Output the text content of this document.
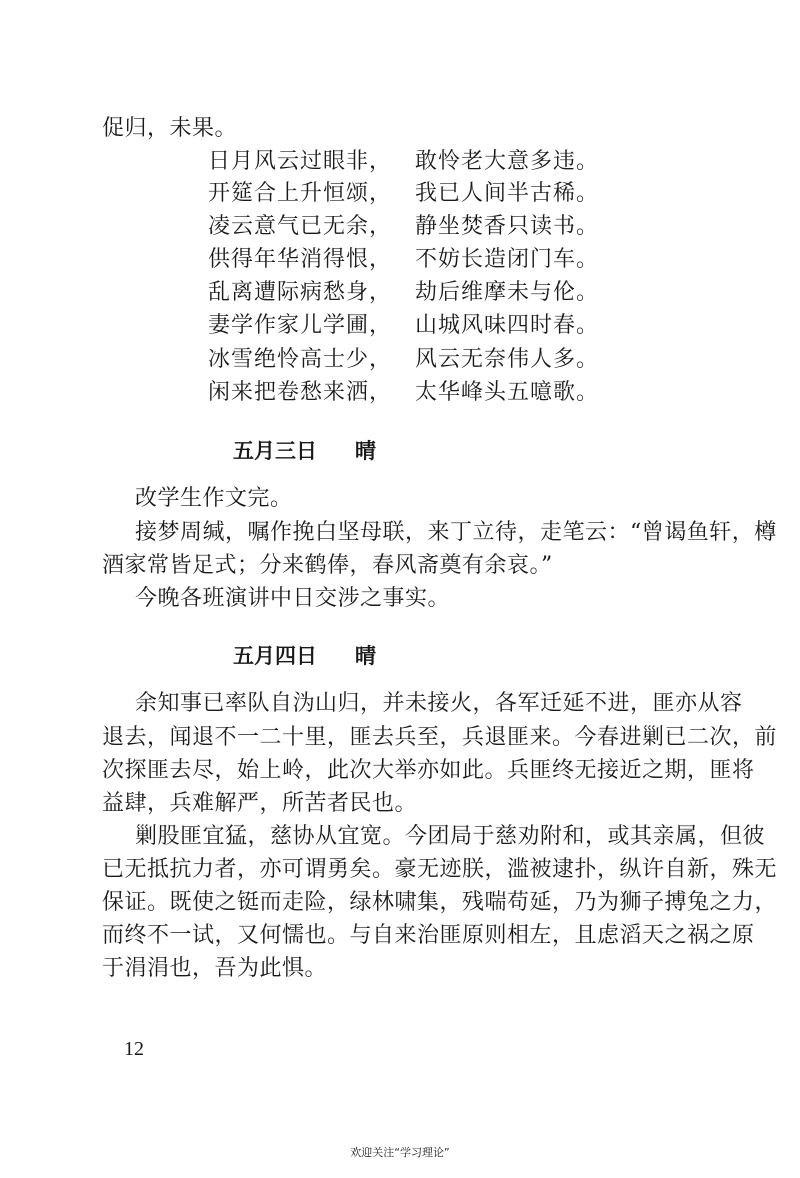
促归，未果。
日月风云过眼非， 敢怜老大意多违。
开筵合上升恒颂， 我已人间半古稀。
凌云意气已无余， 静坐焚香只读书。
供得年华消得恨， 不妨长造闭门车。
乱离遭际病愁身， 劫后维摩未与伦。
妻学作家儿学圃， 山城风味四时春。
冰雪绝怜高士少， 风云无奈伟人多。
闲来把卷愁来洒， 太华峰头五噫歌。
五月三日 晴
改学生作文完。
接梦周缄，嘱作挽白坚母联，来丁立待，走笔云：“曾谒鱼轩，樽
酒家常皆足式；分来鹤俸，春风斋奠有余哀。”
今晚各班演讲中日交涉之事实。
五月四日 晴
余知事已率队自沩山归，并未接火，各军迁延不进，匪亦从容
退去，闻退不一二十里，匪去兵至，兵退匪来。今春进剿已二次，前
次探匪去尽，始上岭，此次大举亦如此。兵匪终无接近之期，匪将
益肆，兵难解严，所苦者民也。
剿股匪宜猛，慈协从宜宽。今团局于慈劝附和，或其亲属，但彼
已无抵抗力者，亦可谓勇矣。豪无迹朕，滥被逮扑，纵许自新，殊无
保证。既使之铤而走险，绿林啸集，残喘苟延，乃为狮子搏兔之力，
而终不一试，又何懦也。与自来治匪原则相左，且虑滔天之祸之原
于涓涓也，吾为此惧。
12
欢迎关注“学习理论”
